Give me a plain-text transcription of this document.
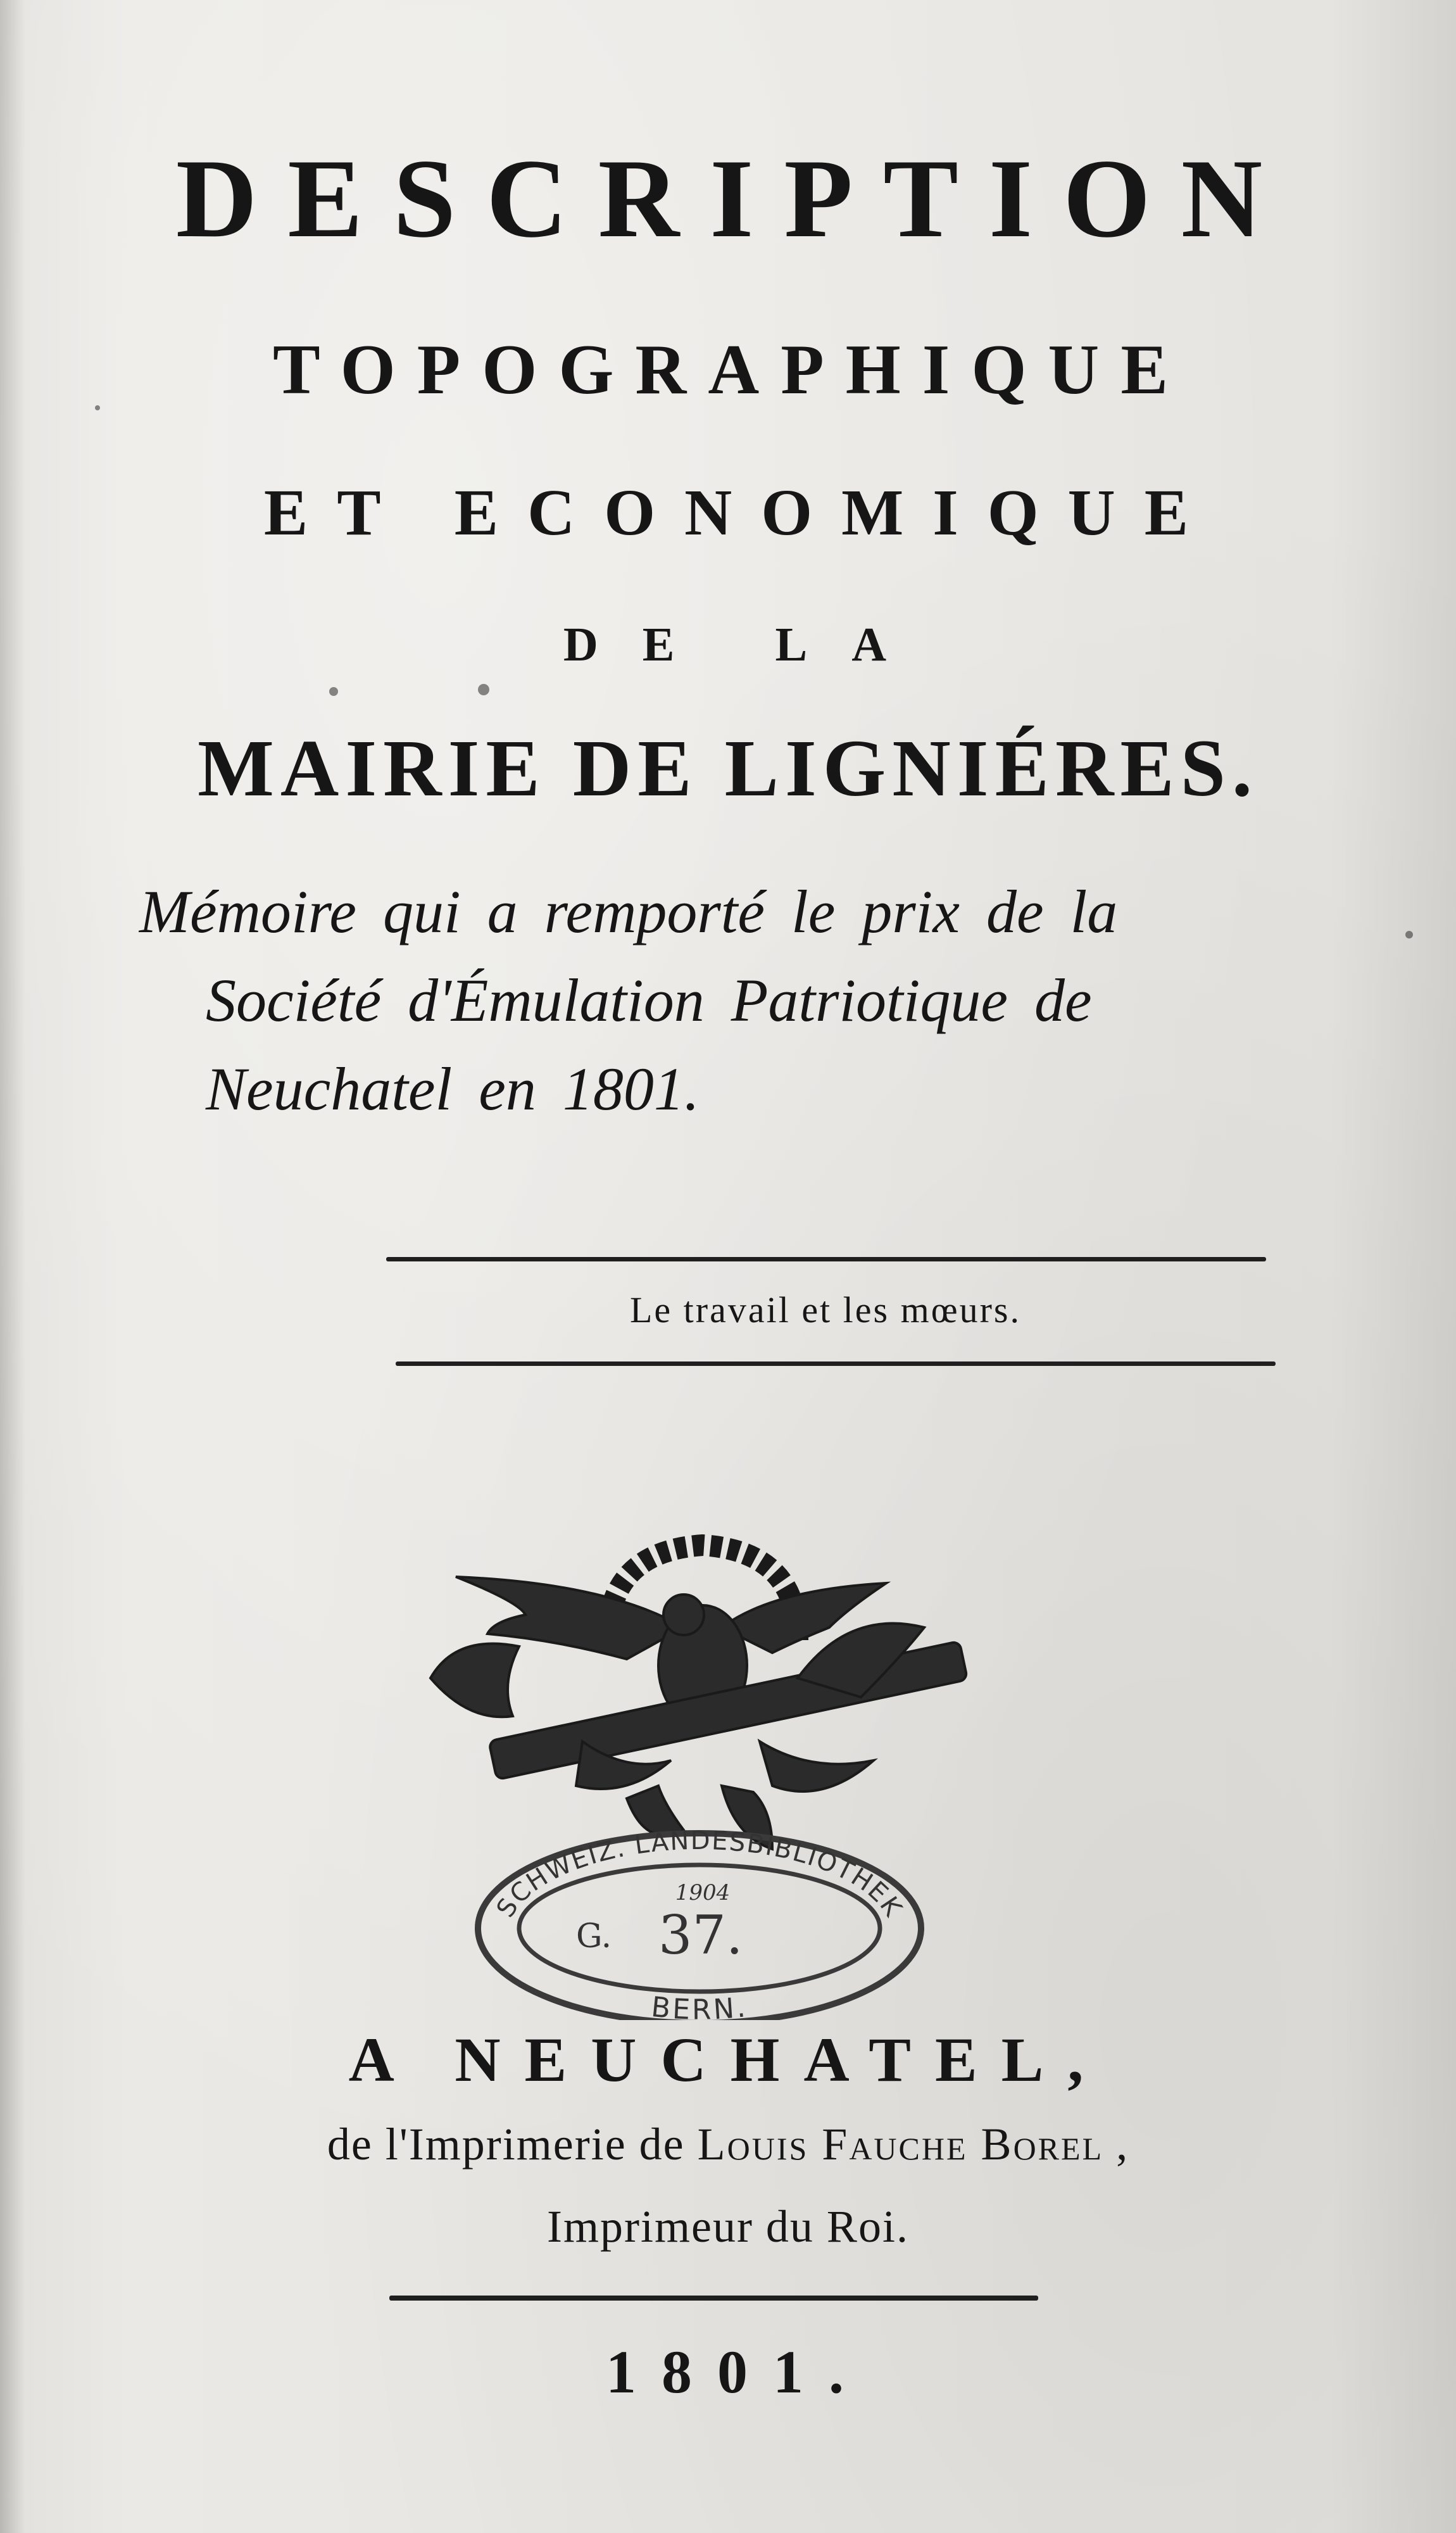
DESCRIPTION
TOPOGRAPHIQUE
ET ECONOMIQUE
DE LA
MAIRIE DE LIGNIÉRES.
Mémoire qui a remporté le prix de la
Société d'Émulation Patriotique de
Neuchatel en 1801.
Le travail et les mœurs.
SCHWEIZ. LANDESBIBLIOTHEK
BERN.
1904
G. 37.
A NEUCHATEL,
de l'Imprimerie de Louis Fauche Borel ,
Imprimeur du Roi.
1801.
